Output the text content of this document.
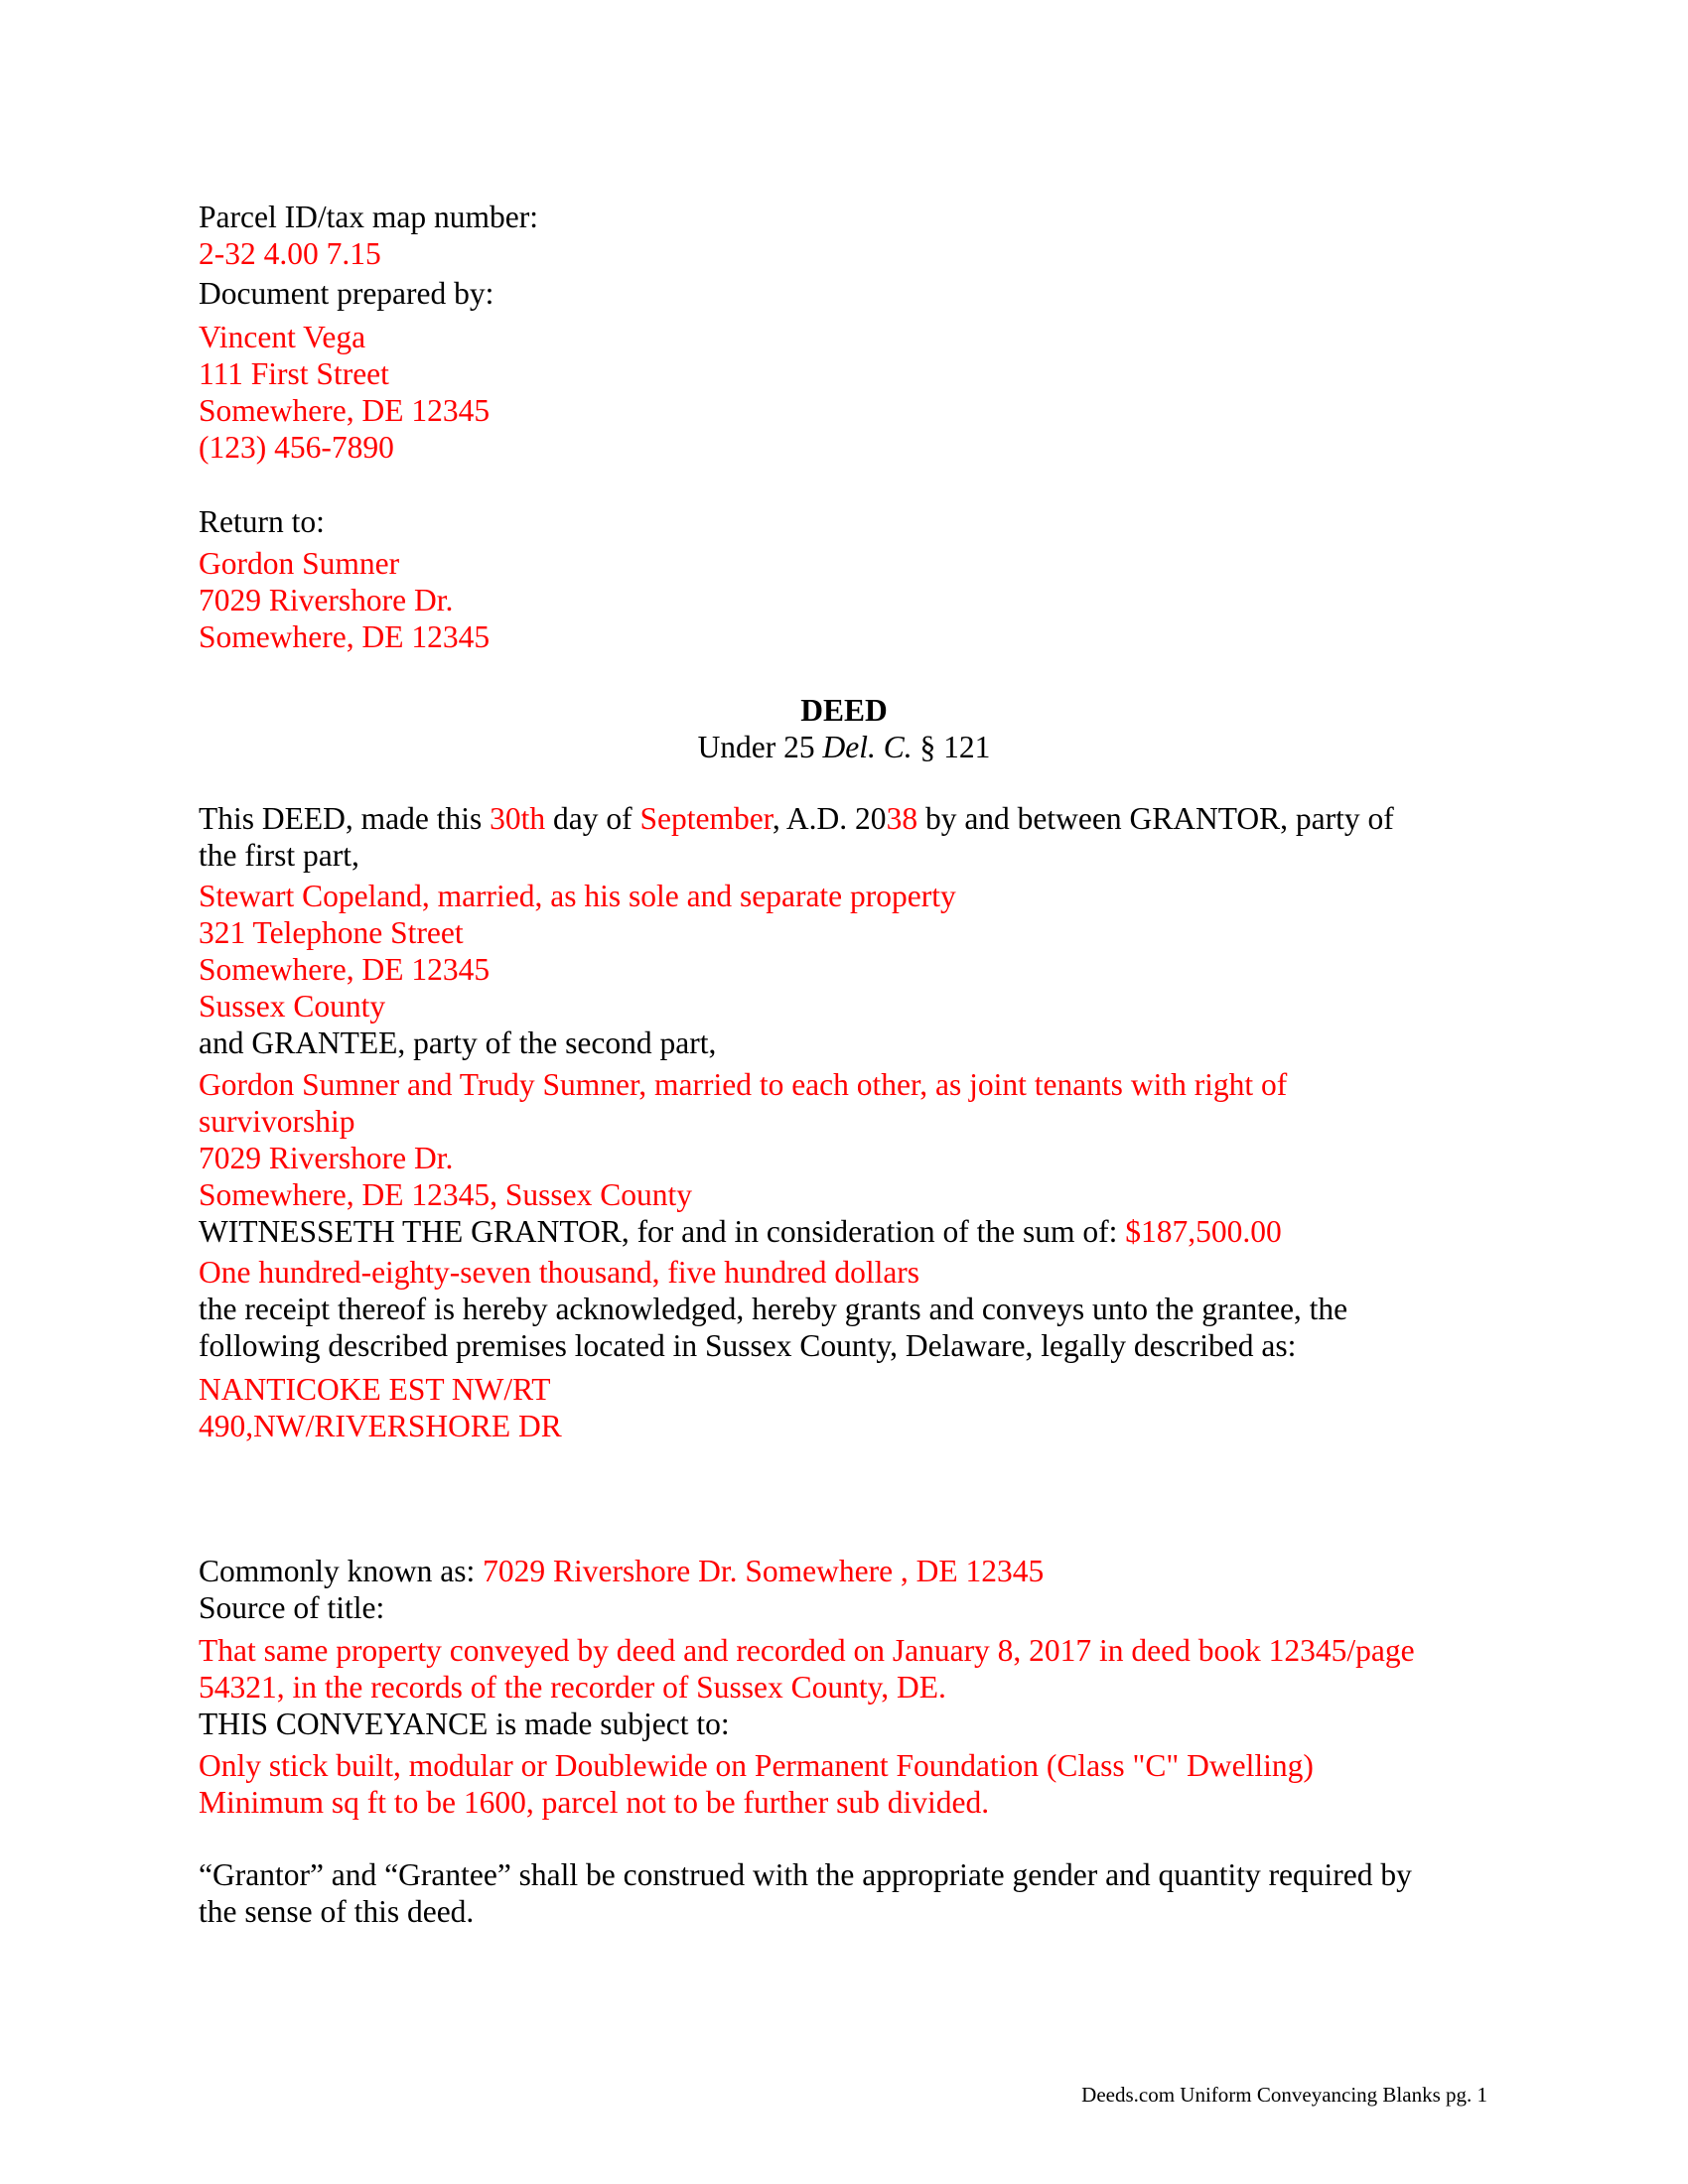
Parcel ID/tax map number:
2-32 4.00 7.15
Document prepared by:
Vincent Vega
111 First Street
Somewhere, DE 12345
(123) 456-7890
Return to:
Gordon Sumner
7029 Rivershore Dr.
Somewhere, DE 12345
DEED
Under 25 Del. C. § 121
This DEED, made this 30th day of September, A.D. 2038 by and between GRANTOR, party of
the first part,
Stewart Copeland, married, as his sole and separate property
321 Telephone Street
Somewhere, DE 12345
Sussex County
and GRANTEE, party of the second part,
Gordon Sumner and Trudy Sumner, married to each other, as joint tenants with right of
survivorship
7029 Rivershore Dr.
Somewhere, DE 12345, Sussex County
WITNESSETH THE GRANTOR, for and in consideration of the sum of: $187,500.00
One hundred-eighty-seven thousand, five hundred dollars
the receipt thereof is hereby acknowledged, hereby grants and conveys unto the grantee, the
following described premises located in Sussex County, Delaware, legally described as:
NANTICOKE EST NW/RT
490,NW/RIVERSHORE DR
Commonly known as: 7029 Rivershore Dr. Somewhere , DE 12345
Source of title:
That same property conveyed by deed and recorded on January 8, 2017 in deed book 12345/page
54321, in the records of the recorder of Sussex County, DE.
THIS CONVEYANCE is made subject to:
Only stick built, modular or Doublewide on Permanent Foundation (Class "C" Dwelling)
Minimum sq ft to be 1600, parcel not to be further sub divided.
“Grantor” and “Grantee” shall be construed with the appropriate gender and quantity required by
the sense of this deed.
Deeds.com Uniform Conveyancing Blanks pg. 1
